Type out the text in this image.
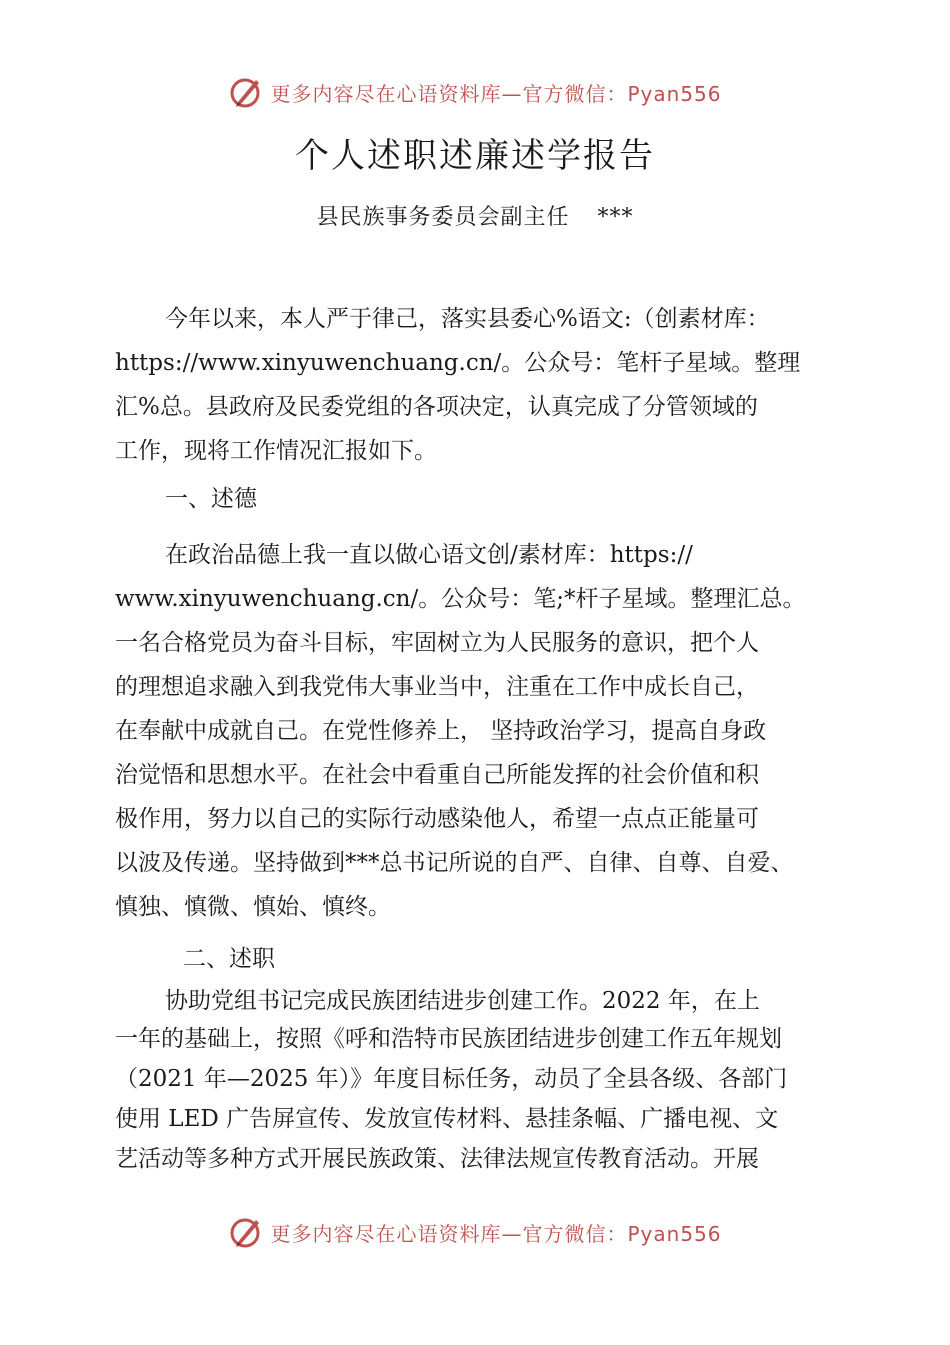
更多内容尽在心语资料库—官方微信：Pyan556
个人述职述廉述学报告
县民族事务委员会副主任 ***
今年以来，本人严于律己，落实县委心%语文:（创素材库：
https://www.xinyuwenchuang.cn/。公众号：笔杆子星域。整理
汇%总。县政府及民委党组的各项决定，认真完成了分管领域的
工作，现将工作情况汇报如下。
一、述德
在政治品德上我一直以做心语文创/素材库：https://
www.xinyuwenchuang.cn/。公众号：笔;*杆子星域。整理汇总。
一名合格党员为奋斗目标，牢固树立为人民服务的意识，把个人
的理想追求融入到我党伟大事业当中，注重在工作中成长自己，
在奉献中成就自己。在党性修养上， 坚持政治学习，提高自身政
治觉悟和思想水平。在社会中看重自己所能发挥的社会价值和积
极作用，努力以自己的实际行动感染他人，希望一点点正能量可
以波及传递。坚持做到***总书记所说的自严、自律、自尊、自爱、
慎独、慎微、慎始、慎终。
二、述职
协助党组书记完成民族团结进步创建工作。2022 年，在上
一年的基础上，按照《呼和浩特市民族团结进步创建工作五年规划
（2021 年—2025 年）》年度目标任务，动员了全县各级、各部门
使用 LED 广告屏宣传、发放宣传材料、悬挂条幅、广播电视、文
艺活动等多种方式开展民族政策、法律法规宣传教育活动。开展
更多内容尽在心语资料库—官方微信：Pyan556
